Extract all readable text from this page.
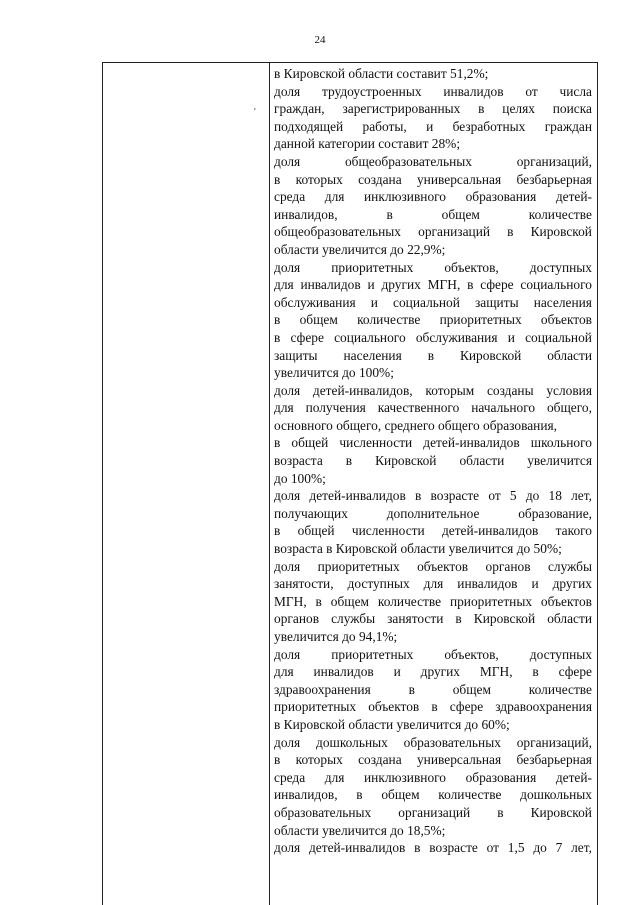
24
'
в Кировской области составит 51,2%;
доля трудоустроенных инвалидов от числа
граждан, зарегистрированных в целях поиска
подходящей работы, и безработных граждан
данной категории составит 28%;
доля	общеобразовательных	организаций,
в которых создана универсальная безбарьерная
среда для инклюзивного образования детей-
инвалидов,	в	общем	количестве
общеобразовательных организаций в Кировской
области увеличится до 22,9%;
доля приоритетных объектов, доступных
для инвалидов и других МГН, в сфере социального
обслуживания и социальной защиты населения
в общем количестве приоритетных объектов
в сфере социального обслуживания и социальной
защиты населения в Кировской области
увеличится до 100%;
доля детей-инвалидов, которым созданы условия
для получения качественного начального общего,
основного общего, среднего общего образования,
в общей численности детей-инвалидов школьного
возраста в Кировской области увеличится
до 100%;
доля детей-инвалидов в возрасте от 5 до 18 лет,
получающих	дополнительное	образование,
в общей численности детей-инвалидов такого
возраста в Кировской области увеличится до 50%;
доля приоритетных объектов органов службы
занятости, доступных для инвалидов и других
МГН, в общем количестве приоритетных объектов
органов службы занятости в Кировской области
увеличится до 94,1%;
доля приоритетных объектов, доступных
для инвалидов и других МГН, в сфере
здравоохранения	в	общем	количестве
приоритетных объектов в сфере здравоохранения
в Кировской области увеличится до 60%;
доля дошкольных образовательных организаций,
в которых создана универсальная безбарьерная
среда для инклюзивного образования детей-
инвалидов, в общем количестве дошкольных
образовательных организаций в Кировской
области увеличится до 18,5%;
доля детей-инвалидов в возрасте от 1,5 до 7 лет,
